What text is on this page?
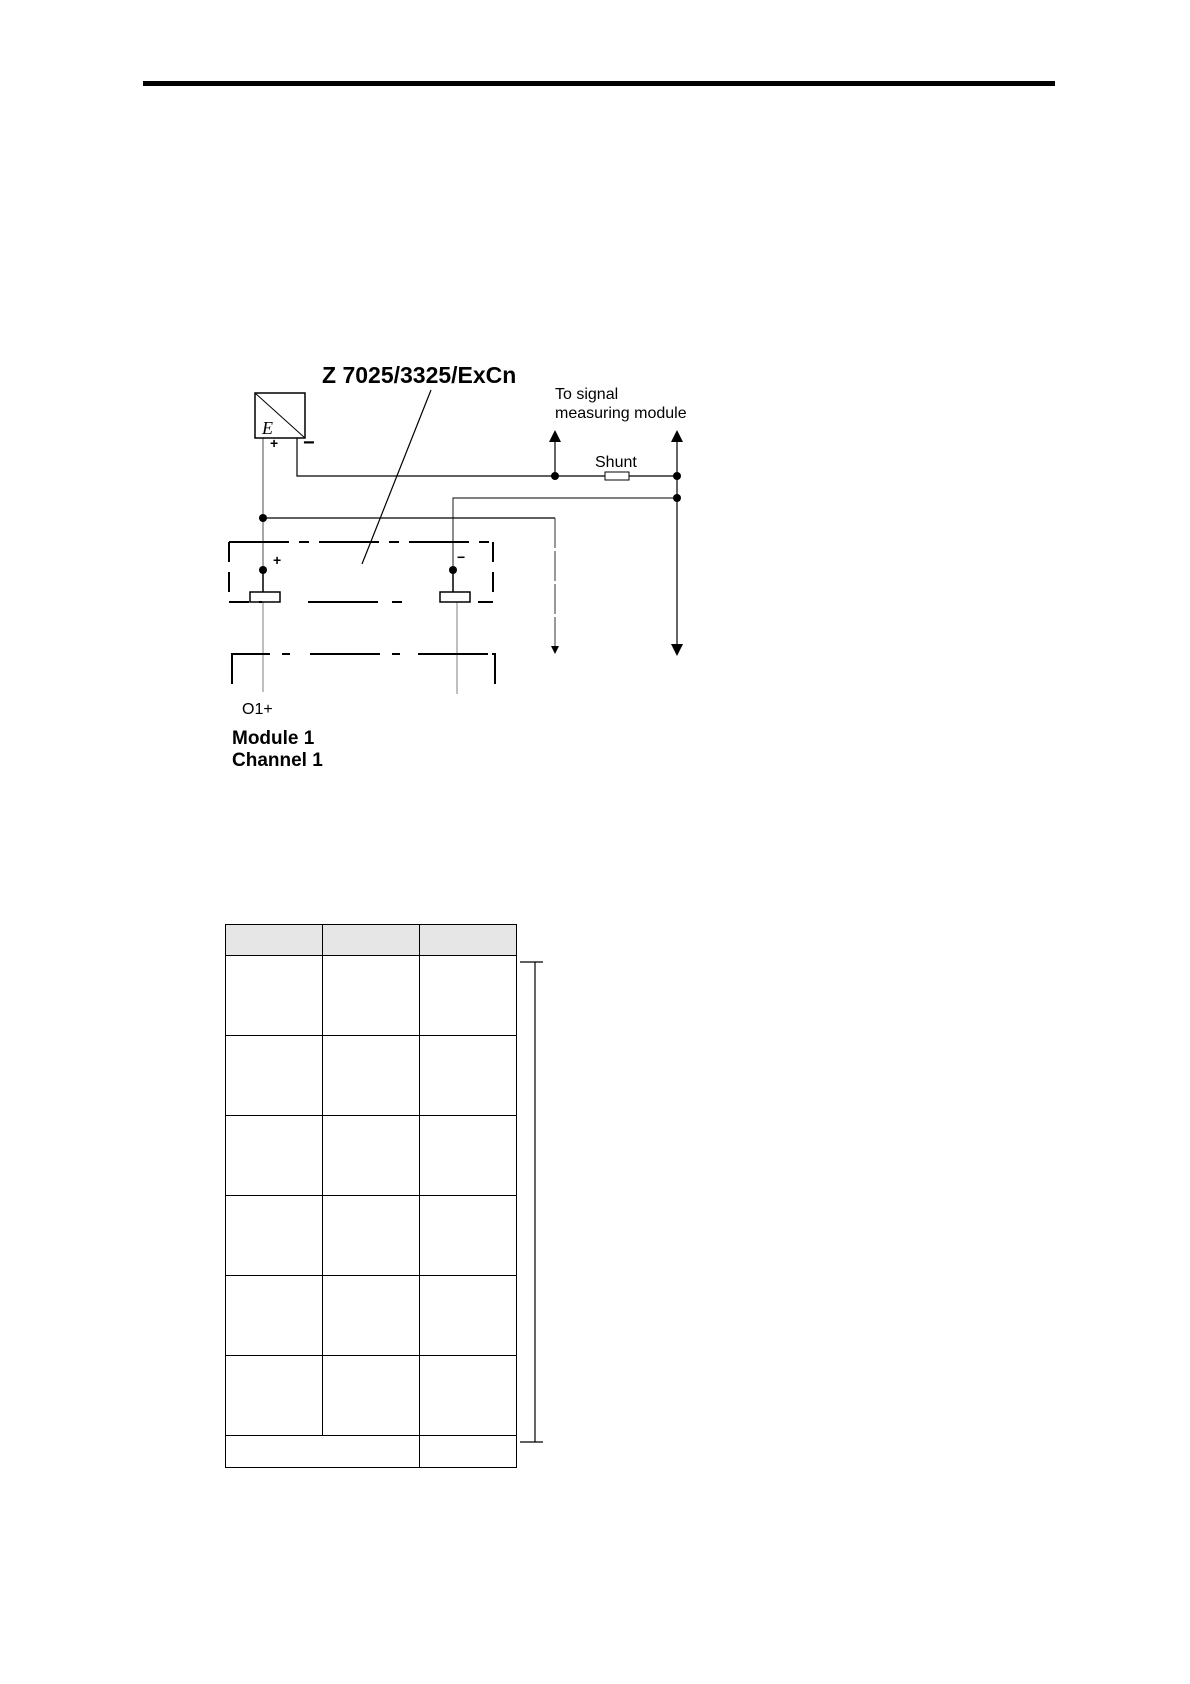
E
Z 7025/3325/ExCn
To signal
measuring module
Shunt
+ −
+	−
O1+
Module 1
Channel 1
